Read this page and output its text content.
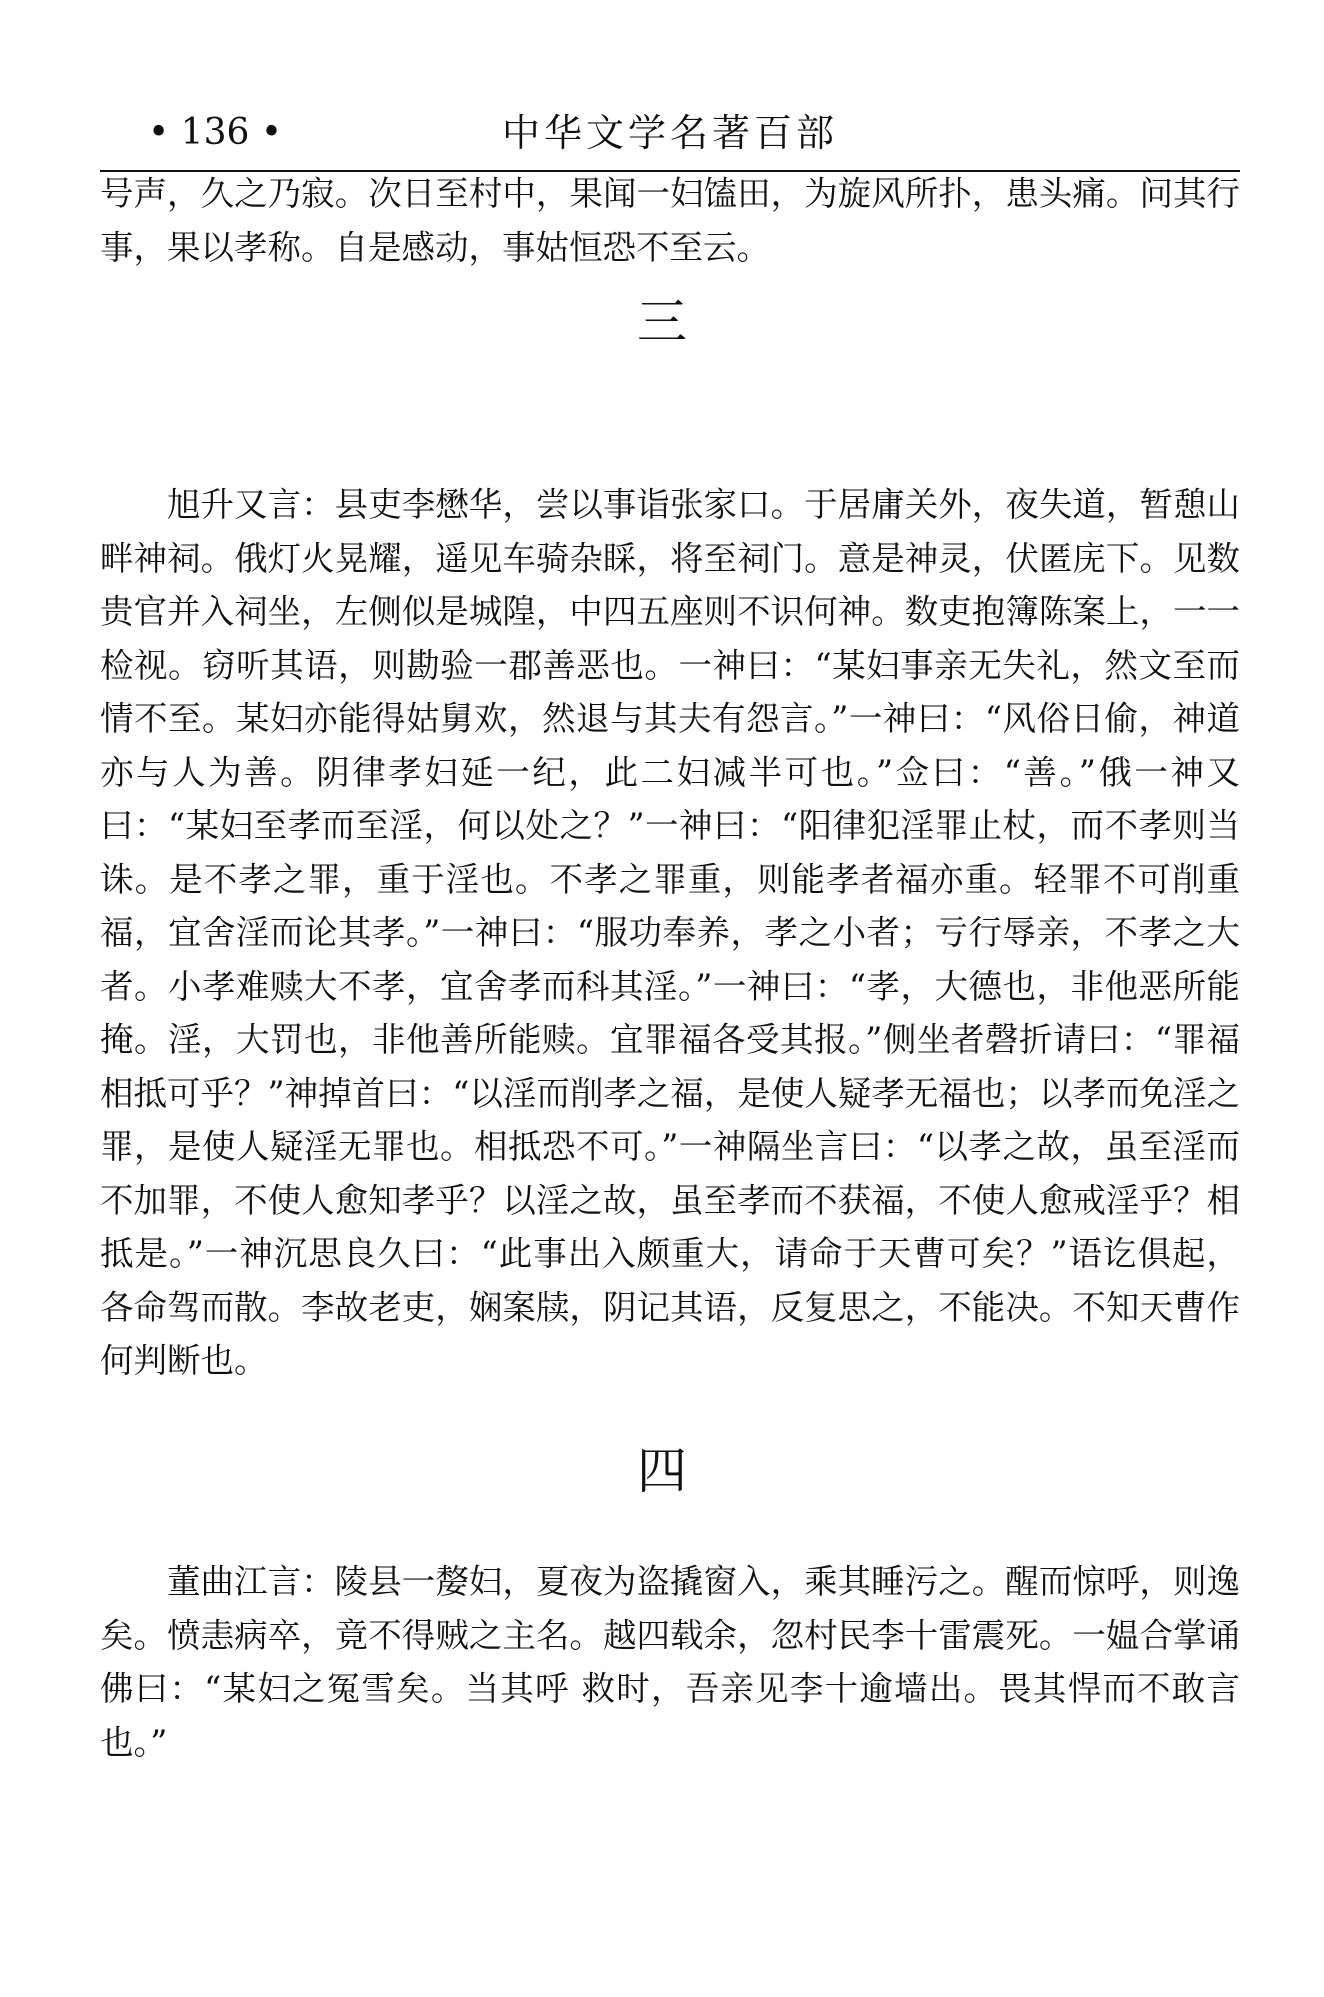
• 136 •	中华文学名著百部

号声，久之乃寂。次日至村中，果闻一妇馌田，为旋风所扑，患头痛。问其行事，果以孝称。自是感动，事姑恒恐不至云。

三

旭升又言：县吏李懋华，尝以事诣张家口。于居庸关外，夜失道，暂憩山畔神祠。俄灯火晃耀，遥见车骑杂睬，将至祠门。意是神灵，伏匿庑下。见数贵官并入祠坐，左侧似是城隍，中四五座则不识何神。数吏抱簿陈案上，一一检视。窃听其语，则勘验一郡善恶也。一神曰：“某妇事亲无失礼，然文至而情不至。某妇亦能得姑舅欢，然退与其夫有怨言。”一神曰：“风俗日偷，神道亦与人为善。阴律孝妇延一纪，此二妇减半可也。”佥曰：“善。”俄一神又曰：“某妇至孝而至淫，何以处之？”一神曰：“阳律犯淫罪止杖，而不孝则当诛。是不孝之罪，重于淫也。不孝之罪重，则能孝者福亦重。轻罪不可削重福，宜舍淫而论其孝。”一神曰：“服功奉养，孝之小者；亏行辱亲，不孝之大者。小孝难赎大不孝，宜舍孝而科其淫。”一神曰：“孝，大德也，非他恶所能掩。淫，大罚也，非他善所能赎。宜罪福各受其报。”侧坐者磬折请曰：“罪福相抵可乎？”神掉首曰：“以淫而削孝之福，是使人疑孝无福也；以孝而免淫之罪，是使人疑淫无罪也。相抵恐不可。”一神隔坐言曰：“以孝之故，虽至淫而不加罪，不使人愈知孝乎？以淫之故，虽至孝而不获福，不使人愈戒淫乎？相抵是。”一神沉思良久曰：“此事出入颇重大，请命于天曹可矣？”语讫俱起，各命驾而散。李故老吏，娴案牍，阴记其语，反复思之，不能决。不知天曹作何判断也。

四

董曲江言：陵县一嫠妇，夏夜为盗撬窗入，乘其睡污之。醒而惊呼，则逸矣。愤恚病卒，竟不得贼之主名。越四载余，忽村民李十雷震死。一媪合掌诵佛曰：“某妇之冤雪矣。当其呼 救时，吾亲见李十逾墙出。畏其悍而不敢言也。”
